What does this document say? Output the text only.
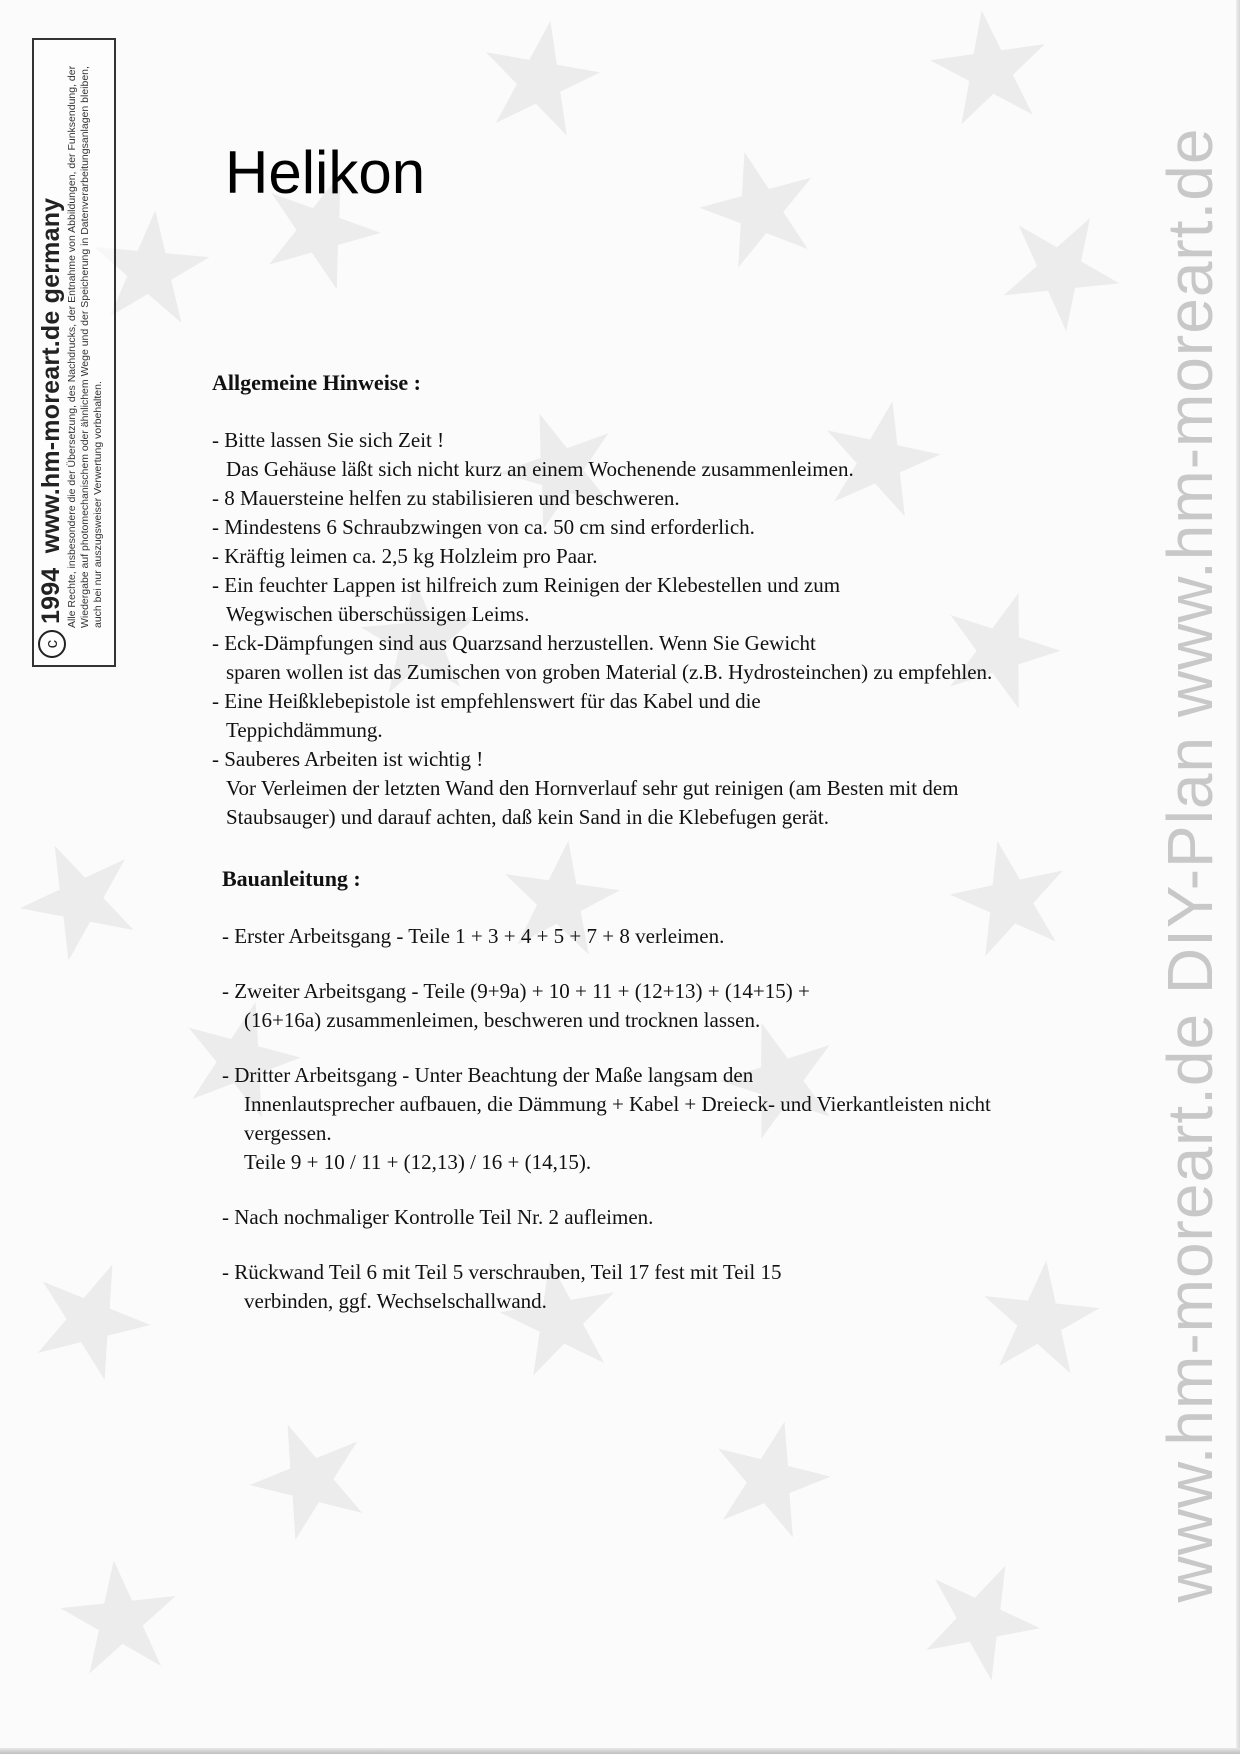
c1994  www.hm-moreart.de germany Alle Rechte, insbesondere die der Übersetzung, des Nachdrucks, der Entnahme von Abbildungen, der Funksendung, der Wiedergabe auf photomechanischem oder ähnlichem Wege und der Speicherung in Datenverarbeitungsanlagen bleiben, auch bei nur auszugsweiser Verwertung vorbehalten.	www.hm-moreart.de DIY-Plan www.hm-moreart.de
Helikon

Allgemeine Hinweise :

- Bitte lassen Sie sich Zeit !
Das Gehäuse läßt sich nicht kurz an einem Wochenende zusammenleimen.
- 8 Mauersteine helfen zu stabilisieren und beschweren.
- Mindestens 6 Schraubzwingen von ca. 50 cm sind erforderlich.
- Kräftig leimen ca. 2,5 kg Holzleim pro Paar.
- Ein feuchter Lappen ist hilfreich zum Reinigen der Klebestellen und zum
Wegwischen überschüssigen Leims.
- Eck-Dämpfungen sind aus Quarzsand herzustellen. Wenn Sie Gewicht
sparen wollen ist das Zumischen von groben Material (z.B. Hydrosteinchen) zu empfehlen.
- Eine Heißklebepistole ist empfehlenswert für das Kabel und die
Teppichdämmung.
- Sauberes Arbeiten ist wichtig !
Vor Verleimen der letzten Wand den Hornverlauf sehr gut reinigen (am Besten mit dem Staubsauger) und darauf achten, daß kein Sand in die Klebefugen gerät.

Bauanleitung :

- Erster Arbeitsgang - Teile 1 + 3 + 4 + 5 + 7 + 8 verleimen.
- Zweiter Arbeitsgang - Teile (9+9a) + 10 + 11 + (12+13) + (14+15) +
(16+16a) zusammenleimen, beschweren und trocknen lassen.
- Dritter Arbeitsgang - Unter Beachtung der Maße langsam den
Innenlautsprecher aufbauen, die Dämmung + Kabel + Dreieck- und Vierkantleisten nicht vergessen.
Teile 9 + 10 / 11 + (12,13) / 16 + (14,15).
- Nach nochmaliger Kontrolle Teil Nr. 2 aufleimen.
- Rückwand Teil 6 mit Teil 5 verschrauben, Teil 17 fest mit Teil 15
verbinden, ggf. Wechselschallwand.
